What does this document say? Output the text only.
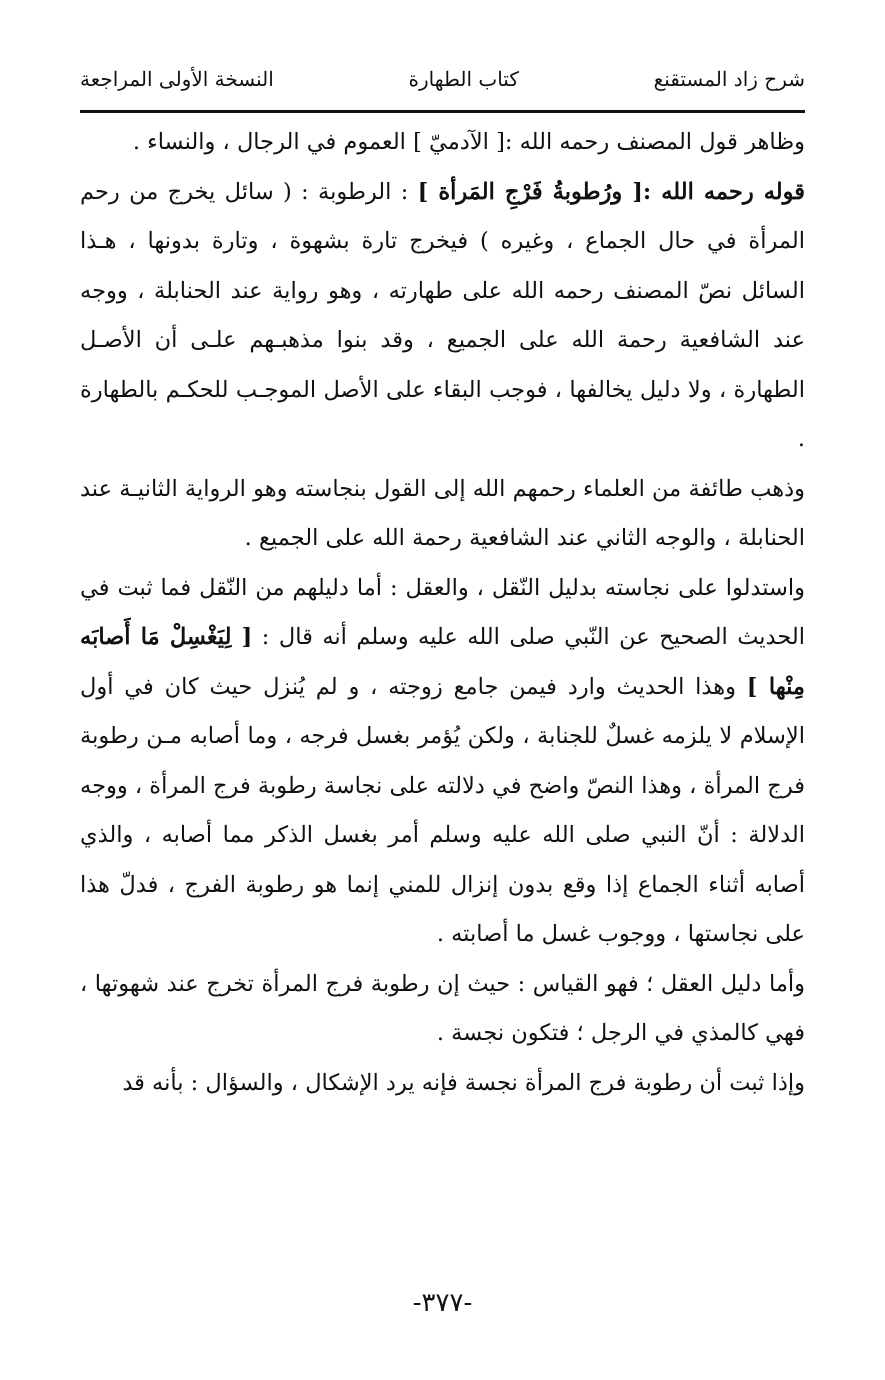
شرح زاد المستقنع
كتاب الطهارة
النسخة الأولى المراجعة

وظاهر قول المصنف رحمه الله :[ الآدميّ ] العموم في الرجال ، والنساء .

قوله رحمه الله :[ ورُطوبةُ فَرْجِ المَرأة ] : الرطوبة : ( سائل يخرج من رحم المرأة في حال الجماع ، وغيره ) فيخرج تارة بشهوة ، وتارة بدونها ، هـذا السائل نصّ المصنف رحمه الله على طهارته ، وهو رواية عند الحنابلة ، ووجه عند الشافعية رحمة الله على الجميع ، وقد بنوا مذهبـهم علـى أن الأصـل الطهارة ، ولا دليل يخالفها ، فوجب البقاء على الأصل الموجـب للحكـم بالطهارة .

وذهب طائفة من العلماء رحمهم الله إلى القول بنجاسته وهو الرواية الثانيـة عند الحنابلة ، والوجه الثاني عند الشافعية رحمة الله على الجميع .

واستدلوا على نجاسته بدليل النّقل ، والعقل : أما دليلهم من النّقل فما ثبت في الحديث الصحيح عن النّبي صلى الله عليه وسلم أنه قال : [ لِيَغْسِلْ مَا أَصابَه مِنْها ] وهذا الحديث وارد فيمن جامع زوجته ، و لم يُنزل حيث كان في أول الإسلام لا يلزمه غسلٌ للجنابة ، ولكن يُؤمر بغسل فرجه ، وما أصابه مـن رطوبة فرج المرأة ، وهذا النصّ واضح في دلالته على نجاسة رطوبة فرج المرأة ، ووجه الدلالة : أنّ النبي صلى الله عليه وسلم أمر بغسل الذكر مما أصابه ، والذي أصابه أثناء الجماع إذا وقع بدون إنزال للمني إنما هو رطوبة الفرج ، فدلّ هذا على نجاستها ، ووجوب غسل ما أصابته .

وأما دليل العقل ؛ فهو القياس : حيث إن رطوبة فرج المرأة تخرج عند شهوتها ، فهي كالمذي في الرجل ؛ فتكون نجسة .

وإذا ثبت أن رطوبة فرج المرأة نجسة فإنه يرد الإشكال ، والسؤال : بأنه قد

-٣٧٧-
